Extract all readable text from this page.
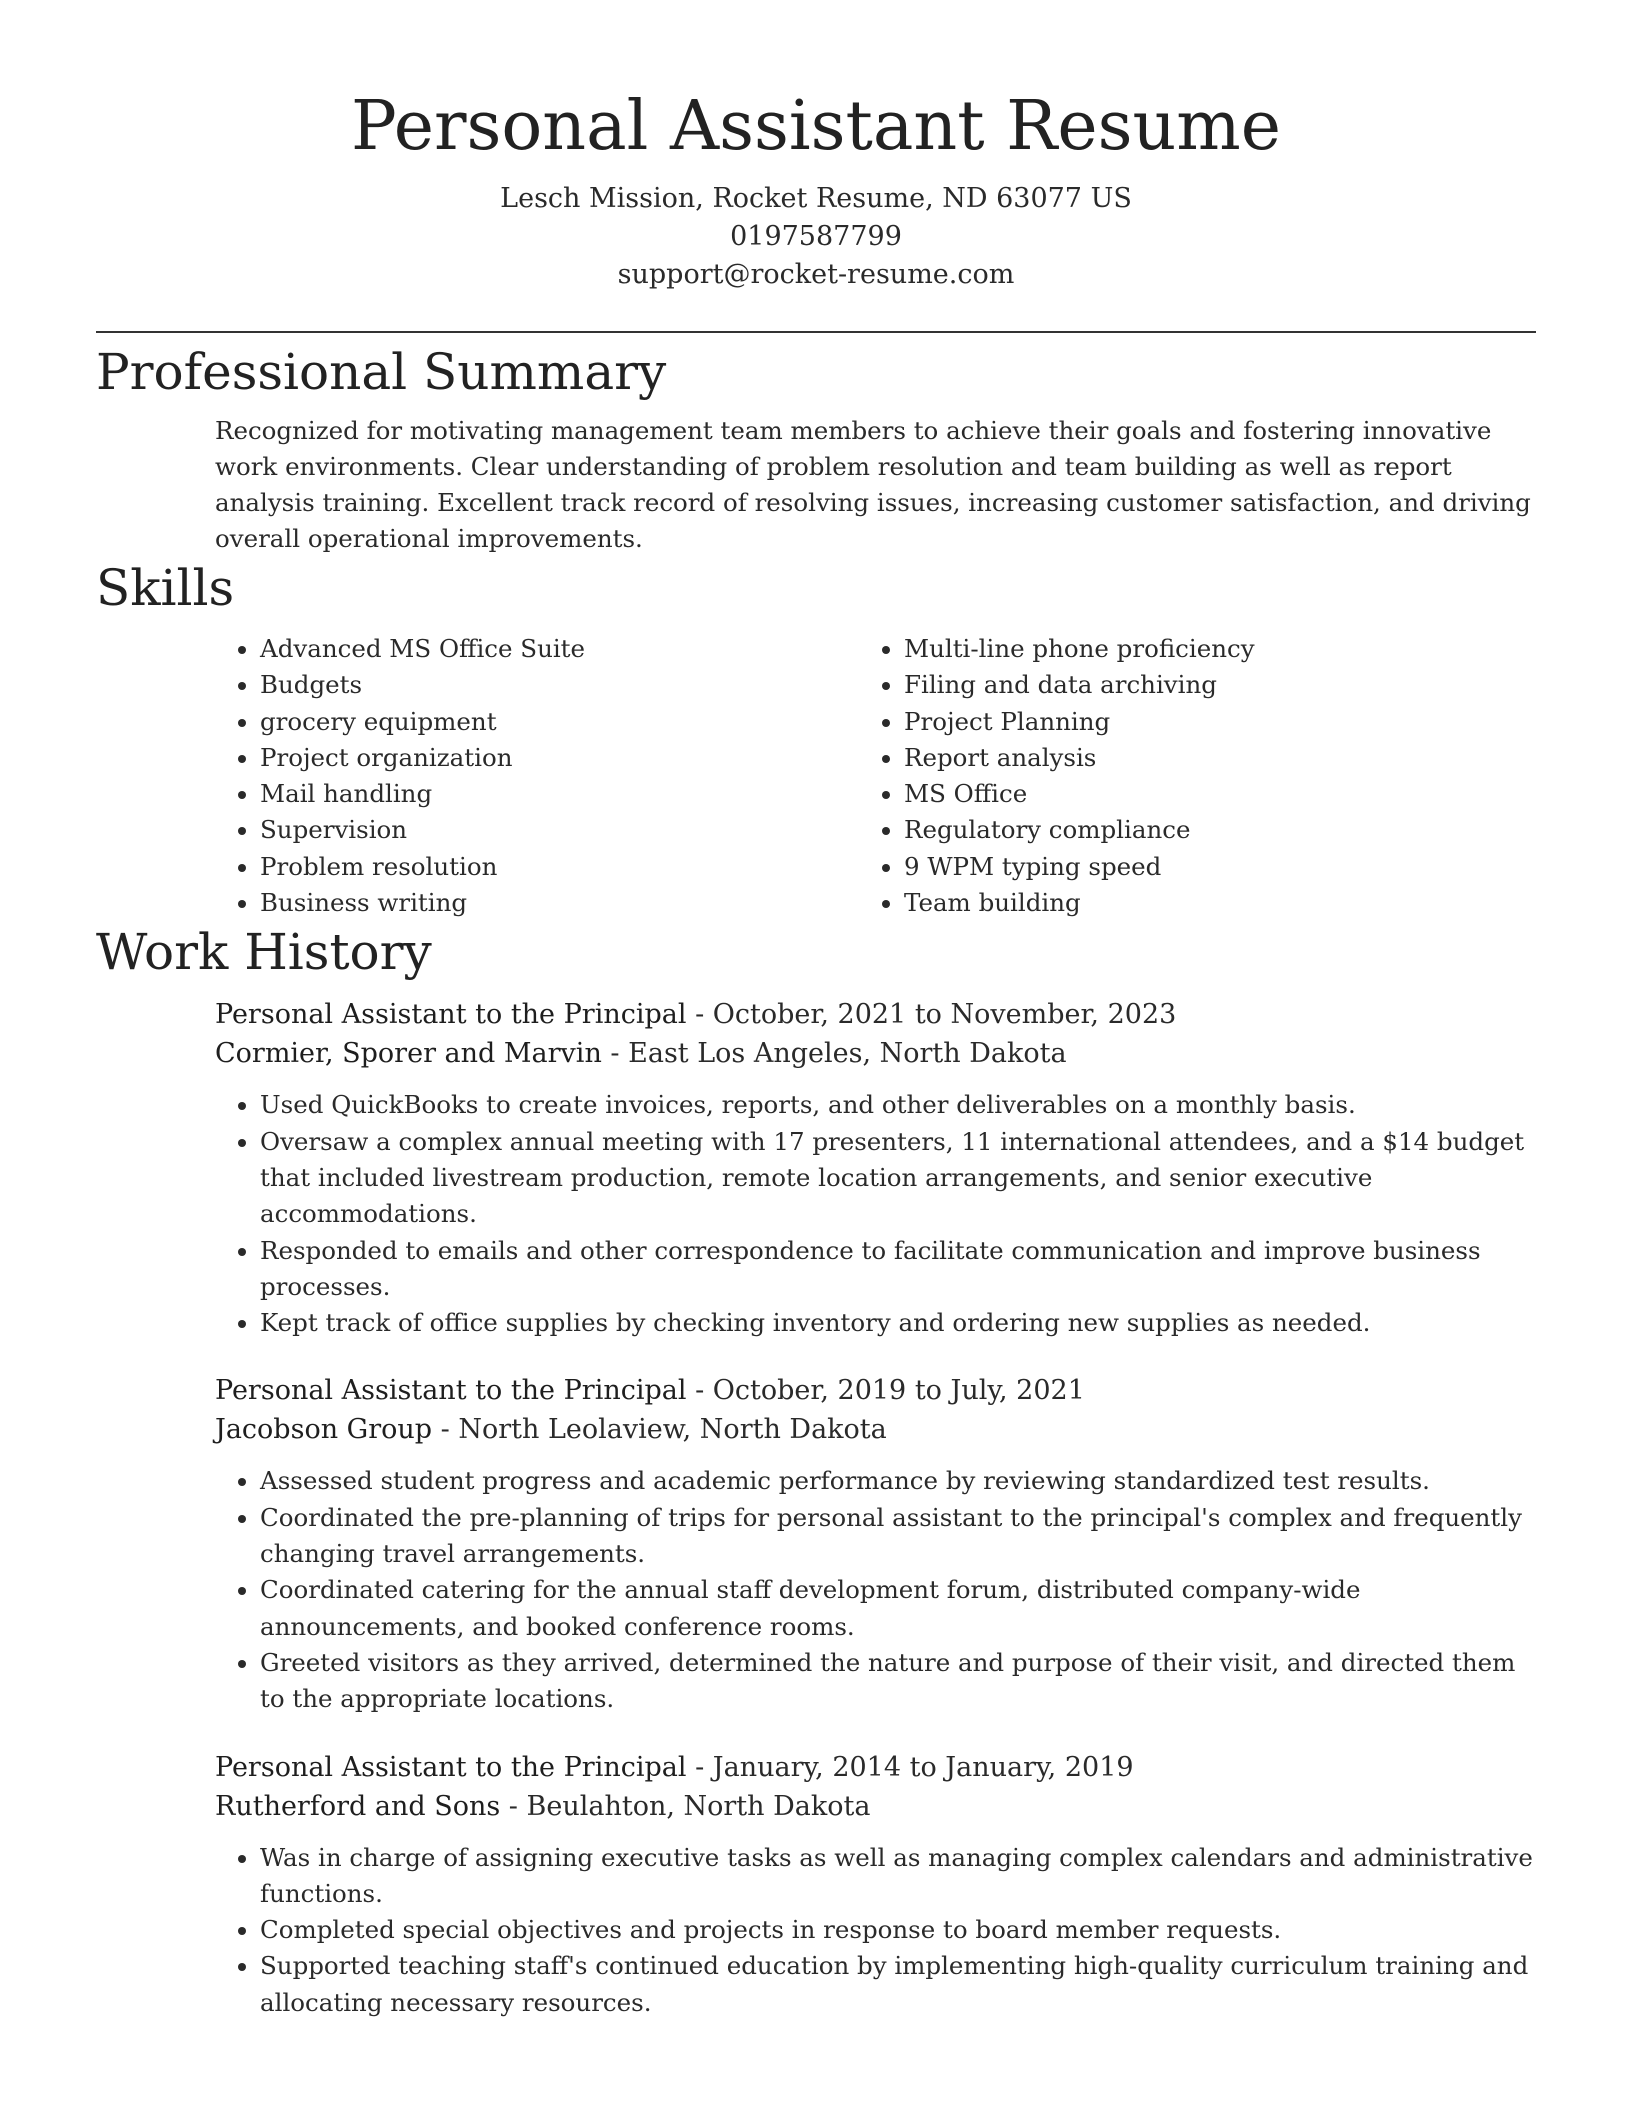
Personal Assistant Resume
Lesch Mission, Rocket Resume, ND 63077 US
0197587799
support@rocket-resume.com
Professional Summary
Recognized for motivating management team members to achieve their goals and fostering innovative work environments. Clear understanding of problem resolution and team building as well as report analysis training. Excellent track record of resolving issues, increasing customer satisfaction, and driving overall operational improvements.
Skills
• Advanced MS Office Suite
• Budgets
• grocery equipment
• Project organization
• Mail handling
• Supervision
• Problem resolution
• Business writing
• Multi-line phone proficiency
• Filing and data archiving
• Project Planning
• Report analysis
• MS Office
• Regulatory compliance
• 9 WPM typing speed
• Team building
Work History
Personal Assistant to the Principal - October, 2021 to November, 2023
Cormier, Sporer and Marvin - East Los Angeles, North Dakota
• Used QuickBooks to create invoices, reports, and other deliverables on a monthly basis.
• Oversaw a complex annual meeting with 17 presenters, 11 international attendees, and a $14 budget that included livestream production, remote location arrangements, and senior executive accommodations.
• Responded to emails and other correspondence to facilitate communication and improve business processes.
• Kept track of office supplies by checking inventory and ordering new supplies as needed.
Personal Assistant to the Principal - October, 2019 to July, 2021
Jacobson Group - North Leolaview, North Dakota
• Assessed student progress and academic performance by reviewing standardized test results.
• Coordinated the pre-planning of trips for personal assistant to the principal's complex and frequently changing travel arrangements.
• Coordinated catering for the annual staff development forum, distributed company-wide announcements, and booked conference rooms.
• Greeted visitors as they arrived, determined the nature and purpose of their visit, and directed them to the appropriate locations.
Personal Assistant to the Principal - January, 2014 to January, 2019
Rutherford and Sons - Beulahton, North Dakota
• Was in charge of assigning executive tasks as well as managing complex calendars and administrative functions.
• Completed special objectives and projects in response to board member requests.
• Supported teaching staff's continued education by implementing high-quality curriculum training and allocating necessary resources.
